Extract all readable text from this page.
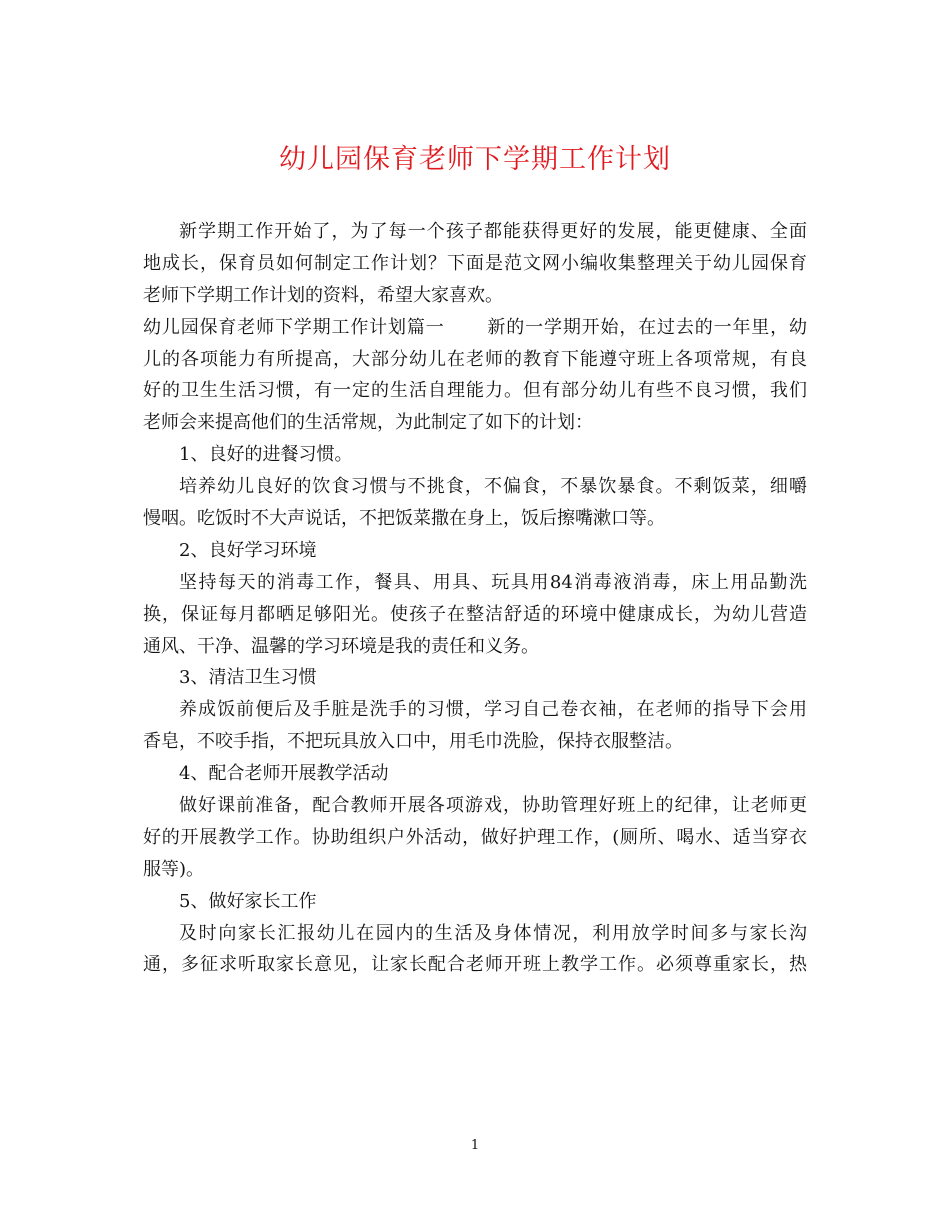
幼儿园保育老师下学期工作计划
新学期工作开始了，为了每一个孩子都能获得更好的发展，能更健康、全面
地成长，保育员如何制定工作计划？下面是范文网小编收集整理关于幼儿园保育
老师下学期工作计划的资料，希望大家喜欢。
幼儿园保育老师下学期工作计划篇一 新的一学期开始，在过去的一年里，幼
儿的各项能力有所提高，大部分幼儿在老师的教育下能遵守班上各项常规，有良
好的卫生生活习惯，有一定的生活自理能力。但有部分幼儿有些不良习惯，我们
老师会来提高他们的生活常规，为此制定了如下的计划：
1、良好的进餐习惯。
培养幼儿良好的饮食习惯与不挑食，不偏食，不暴饮暴食。不剩饭菜，细嚼
慢咽。吃饭时不大声说话，不把饭菜撒在身上，饭后擦嘴漱口等。
2、良好学习环境
坚持每天的消毒工作，餐具、用具、玩具用84消毒液消毒，床上用品勤洗
换，保证每月都晒足够阳光。使孩子在整洁舒适的环境中健康成长，为幼儿营造
通风、干净、温馨的学习环境是我的责任和义务。
3、清洁卫生习惯
养成饭前便后及手脏是洗手的习惯，学习自己卷衣袖，在老师的指导下会用
香皂，不咬手指，不把玩具放入口中，用毛巾洗脸，保持衣服整洁。
4、配合老师开展教学活动
做好课前准备，配合教师开展各项游戏，协助管理好班上的纪律，让老师更
好的开展教学工作。协助组织户外活动，做好护理工作，(厕所、喝水、适当穿衣
服等)。
5、做好家长工作
及时向家长汇报幼儿在园内的生活及身体情况，利用放学时间多与家长沟
通，多征求听取家长意见，让家长配合老师开班上教学工作。必须尊重家长，热
1
